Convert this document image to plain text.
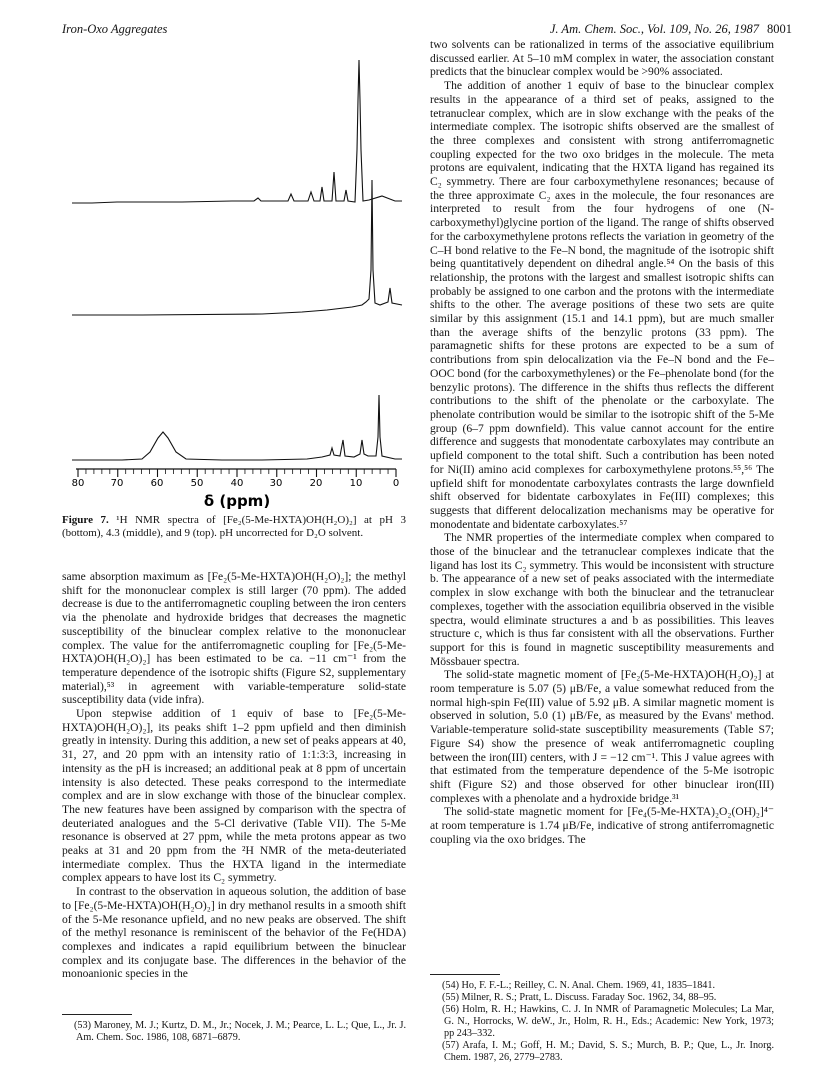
Iron-Oxo Aggregates	J. Am. Chem. Soc., Vol. 109, No. 26, 1987 8001
80	70	60	50	40	30	20	10	0
δ (ppm)
Figure 7. ¹H NMR spectra of [Fe₂(5-Me-HXTA)OH(H₂O)₂] at pH 3 (bottom), 4.3 (middle), and 9 (top). pH uncorrected for D₂O solvent.

same absorption maximum as [Fe₂(5-Me-HXTA)OH(H₂O)₂]; the methyl shift for the mononuclear complex is still larger (70 ppm). The added decrease is due to the antiferromagnetic coupling between the iron centers via the phenolate and hydroxide bridges that decreases the magnetic susceptibility of the binuclear complex relative to the mononuclear complex. The value for the antiferromagnetic coupling for [Fe₂(5-Me-HXTA)OH(H₂O)₂] has been estimated to be ca. −11 cm⁻¹ from the temperature dependence of the isotropic shifts (Figure S2, supplementary material),⁵³ in agreement with variable-temperature solid-state susceptibility data (vide infra).

Upon stepwise addition of 1 equiv of base to [Fe₂(5-Me-HXTA)OH(H₂O)₂], its peaks shift 1–2 ppm upfield and then diminish greatly in intensity. During this addition, a new set of peaks appears at 40, 31, 27, and 20 ppm with an intensity ratio of 1:1:3:3, increasing in intensity as the pH is increased; an additional peak at 8 ppm of uncertain intensity is also detected. These peaks correspond to the intermediate complex and are in slow exchange with those of the binuclear complex. The new features have been assigned by comparison with the spectra of deuteriated analogues and the 5-Cl derivative (Table VII). The 5-Me resonance is observed at 27 ppm, while the meta protons appear as two peaks at 31 and 20 ppm from the ²H NMR of the meta-deuteriated intermediate complex. Thus the HXTA ligand in the intermediate complex appears to have lost its C₂ symmetry.

In contrast to the observation in aqueous solution, the addition of base to [Fe₂(5-Me-HXTA)OH(H₂O)₂] in dry methanol results in a smooth shift of the 5-Me resonance upfield, and no new peaks are observed. The shift of the methyl resonance is reminiscent of the behavior of the Fe(HDA) complexes and indicates a rapid equilibrium between the binuclear complex and its conjugate base. The differences in the behavior of the monoanionic species in the

(53) Maroney, M. J.; Kurtz, D. M., Jr.; Nocek, J. M.; Pearce, L. L.; Que, L., Jr. J. Am. Chem. Soc. 1986, 108, 6871–6879.

two solvents can be rationalized in terms of the associative equilibrium discussed earlier. At 5–10 mM complex in water, the association constant predicts that the binuclear complex would be >90% associated.

The addition of another 1 equiv of base to the binuclear complex results in the appearance of a third set of peaks, assigned to the tetranuclear complex, which are in slow exchange with the peaks of the intermediate complex. The isotropic shifts observed are the smallest of the three complexes and consistent with strong antiferromagnetic coupling expected for the two oxo bridges in the molecule. The meta protons are equivalent, indicating that the HXTA ligand has regained its C₂ symmetry. There are four carboxymethylene resonances; because of the three approximate C₂ axes in the molecule, the four resonances are interpreted to result from the four hydrogens of one (N-carboxymethyl)glycine portion of the ligand. The range of shifts observed for the carboxymethylene protons reflects the variation in geometry of the C–H bond relative to the Fe–N bond, the magnitude of the isotropic shift being quantitatively dependent on dihedral angle.⁵⁴ On the basis of this relationship, the protons with the largest and smallest isotropic shifts can probably be assigned to one carbon and the protons with the intermediate shifts to the other. The average positions of these two sets are quite similar by this assignment (15.1 and 14.1 ppm), but are much smaller than the average shifts of the benzylic protons (33 ppm). The paramagnetic shifts for these protons are expected to be a sum of contributions from spin delocalization via the Fe–N bond and the Fe–OOC bond (for the carboxymethylenes) or the Fe–phenolate bond (for the benzylic protons). The difference in the shifts thus reflects the different contributions to the shift of the phenolate or the carboxylate. The phenolate contribution would be similar to the isotropic shift of the 5-Me group (6–7 ppm downfield). This value cannot account for the entire difference and suggests that monodentate carboxylates may contribute an upfield component to the total shift. Such a contribution has been noted for Ni(II) amino acid complexes for carboxymethylene protons.⁵⁵,⁵⁶ The upfield shift for monodentate carboxylates contrasts the large downfield shift observed for bidentate carboxylates in Fe(III) complexes; this suggests that different delocalization mechanisms may be operative for monodentate and bidentate carboxylates.⁵⁷

The NMR properties of the intermediate complex when compared to those of the binuclear and the tetranuclear complexes indicate that the ligand has lost its C₂ symmetry. This would be inconsistent with structure b. The appearance of a new set of peaks associated with the intermediate complex in slow exchange with both the binuclear and the tetranuclear complexes, together with the association equilibria observed in the visible spectra, would eliminate structures a and b as possibilities. This leaves structure c, which is thus far consistent with all the observations. Further support for this is found in magnetic susceptibility measurements and Mössbauer spectra.

The solid-state magnetic moment of [Fe₂(5-Me-HXTA)OH(H₂O)₂] at room temperature is 5.07 (5) μB/Fe, a value somewhat reduced from the normal high-spin Fe(III) value of 5.92 μB. A similar magnetic moment is observed in solution, 5.0 (1) μB/Fe, as measured by the Evans' method. Variable-temperature solid-state susceptibility measurements (Table S7; Figure S4) show the presence of weak antiferromagnetic coupling between the iron(III) centers, with J = −12 cm⁻¹. This J value agrees with that estimated from the temperature dependence of the 5-Me isotropic shift (Figure S2) and those observed for other binuclear iron(III) complexes with a phenolate and a hydroxide bridge.³¹

The solid-state magnetic moment for [Fe₄(5-Me-HXTA)₂O₂(OH)₂]⁴⁻ at room temperature is 1.74 μB/Fe, indicative of strong antiferromagnetic coupling via the oxo bridges. The

(54) Ho, F. F.-L.; Reilley, C. N. Anal. Chem. 1969, 41, 1835–1841.
(55) Milner, R. S.; Pratt, L. Discuss. Faraday Soc. 1962, 34, 88–95.
(56) Holm, R. H.; Hawkins, C. J. In NMR of Paramagnetic Molecules; La Mar, G. N., Horrocks, W. deW., Jr., Holm, R. H., Eds.; Academic: New York, 1973; pp 243–332.
(57) Arafa, I. M.; Goff, H. M.; David, S. S.; Murch, B. P.; Que, L., Jr. Inorg. Chem. 1987, 26, 2779–2783.
